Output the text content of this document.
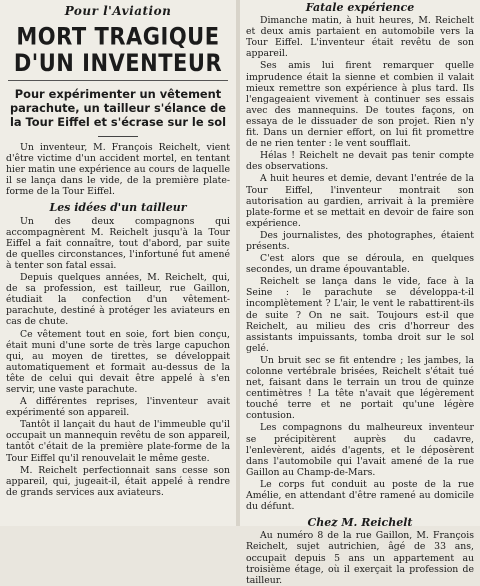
Pour l'Aviation
MORT TRAGIQUE
D'UN INVENTEUR
Pour expérimenter un vêtement parachute, un tailleur s'élance de la Tour Eiffel et s'écrase sur le sol

Un inventeur, M. François Reichelt, vient d'être victime d'un accident mortel, en tentant hier matin une expérience au cours de laquelle il se lança dans le vide, de la première plate-forme de la Tour Eiffel.

Les idées d'un tailleur

Un des deux compagnons qui accompagnèrent M. Reichelt jusqu'à la Tour Eiffel a fait connaître, tout d'abord, par suite de quelles circonstances, l'infortuné fut amené à tenter son fatal essai.

Depuis quelques années, M. Reichelt, qui, de sa profession, est tailleur, rue Gaillon, étudiait la confection d'un vêtement-parachute, destiné à protéger les aviateurs en cas de chute.

Ce vêtement tout en soie, fort bien conçu, était muni d'une sorte de très large capuchon qui, au moyen de tirettes, se développait automatiquement et formait au-dessus de la tête de celui qui devait être appelé à s'en servir, une vaste parachute.

A différentes reprises, l'inventeur avait expérimenté son appareil.

Tantôt il lançait du haut de l'immeuble qu'il occupait un mannequin revêtu de son appareil, tantôt c'était de la première plate-forme de la Tour Eiffel qu'il renouvelait le même geste.

M. Reichelt perfectionnait sans cesse son appareil, qui, jugeait-il, était appelé à rendre de grands services aux aviateurs.

Fatale expérience

Dimanche matin, à huit heures, M. Reichelt et deux amis partaient en automobile vers la Tour Eiffel. L'inventeur était revêtu de son appareil.

Ses amis lui firent remarquer quelle imprudence était la sienne et combien il valait mieux remettre son expérience à plus tard. Ils l'engageaient vivement à continuer ses essais avec des mannequins. De toutes façons, on essaya de le dissuader de son projet. Rien n'y fit. Dans un dernier effort, on lui fit promettre de ne rien tenter : le vent soufflait.

Hélas ! Reichelt ne devait pas tenir compte des observations.

A huit heures et demie, devant l'entrée de la Tour Eiffel, l'inventeur montrait son autorisation au gardien, arrivait à la première plate-forme et se mettait en devoir de faire son expérience.

Des journalistes, des photographes, étaient présents.

C'est alors que se déroula, en quelques secondes, un drame épouvantable.

Reichelt se lança dans le vide, face à la Seine : le parachute se développa-t-il incomplètement ? L'air, le vent le rabattirent-ils de suite ? On ne sait. Toujours est-il que Reichelt, au milieu des cris d'horreur des assistants impuissants, tomba droit sur le sol gelé.

Un bruit sec se fit entendre ; les jambes, la colonne vertébrale brisées, Reichelt s'était tué net, faisant dans le terrain un trou de quinze centimètres ! La tête n'avait que légèrement touché terre et ne portait qu'une légère contusion.

Les compagnons du malheureux inventeur se précipitèrent auprès du cadavre, l'enlevèrent, aidés d'agents, et le déposèrent dans l'automobile qui l'avait amené de la rue Gaillon au Champ-de-Mars.

Le corps fut conduit au poste de la rue Amélie, en attendant d'être ramené au domicile du défunt.

Chez M. Reichelt

Au numéro 8 de la rue Gaillon, M. François Reichelt, sujet autrichien, âgé de 33 ans, occupait depuis 5 ans un appartement au troisième étage, où il exerçait la profession de tailleur.
